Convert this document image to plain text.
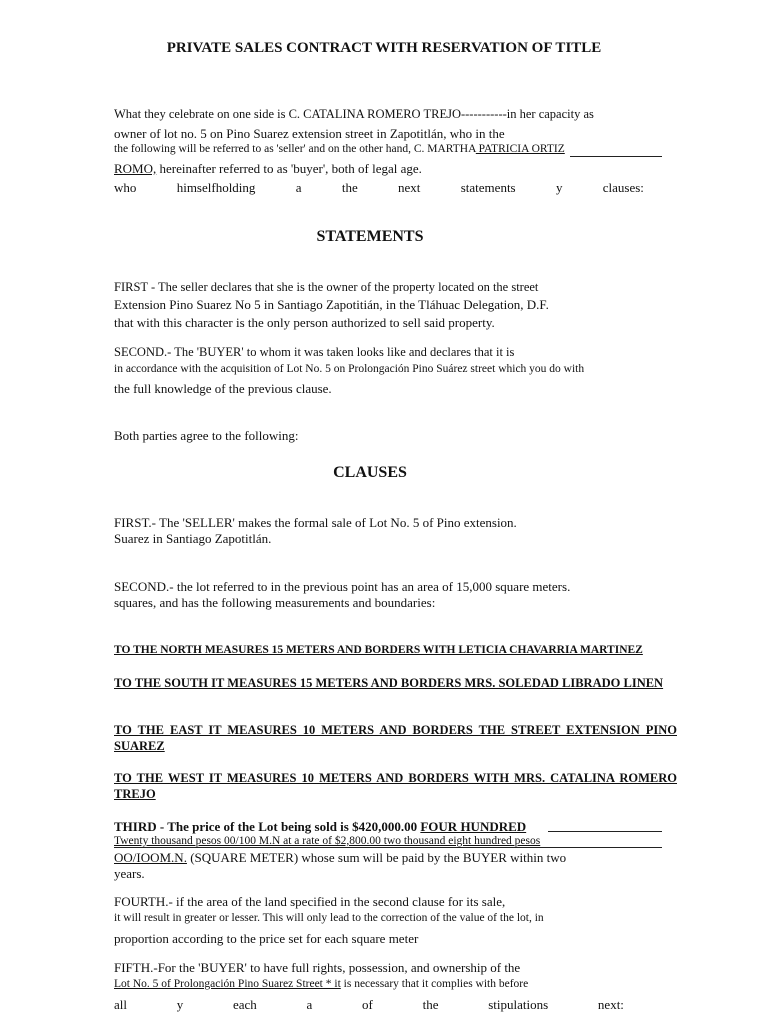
PRIVATE SALES CONTRACT WITH RESERVATION OF TITLE
What they celebrate on one side is C. CATALINA ROMERO TREJO-----------in her capacity as
owner of lot no. 5 on Pino Suarez extension street in Zapotitlán, who in the
the following will be referred to as 'seller' and on the other hand, C. MARTHA PATRICIA ORTIZ
ROMO, hereinafter referred to as 'buyer', both of legal age.
who	himselfholding	a	the	next	statements	y	clauses:
STATEMENTS
FIRST - The seller declares that she is the owner of the property located on the street
Extension Pino Suarez No 5 in Santiago Zapotitián, in the Tláhuac Delegation, D.F.
that with this character is the only person authorized to sell said property.
SECOND.- The 'BUYER' to whom it was taken looks like and declares that it is
in accordance with the acquisition of Lot No. 5 on Prolongación Pino Suárez street which you do with
the full knowledge of the previous clause.
Both parties agree to the following:
CLAUSES
FIRST.- The 'SELLER' makes the formal sale of Lot No. 5 of Pino extension.
Suarez in Santiago Zapotitlán.
SECOND.- the lot referred to in the previous point has an area of 15,000 square meters.
squares, and has the following measurements and boundaries:
TO THE NORTH MEASURES 15 METERS AND BORDERS WITH LETICIA CHAVARRIA MARTINEZ
TO THE SOUTH IT MEASURES 15 METERS AND BORDERS MRS. SOLEDAD LIBRADO LINEN
TO THE EAST IT MEASURES 10 METERS AND BORDERS THE STREET EXTENSION PINO SUAREZ
TO THE WEST IT MEASURES 10 METERS AND BORDERS WITH MRS. CATALINA ROMERO TREJO
THIRD - The price of the Lot being sold is $420,000.00 FOUR HUNDRED
Twenty thousand pesos 00/100 M.N at a rate of $2,800.00 two thousand eight hundred pesos
OO/IOOM.N. (SQUARE METER) whose sum will be paid by the BUYER within two
years.
FOURTH.- if the area of the land specified in the second clause for its sale,
it will result in greater or lesser. This will only lead to the correction of the value of the lot, in
proportion according to the price set for each square meter
FIFTH.-For the 'BUYER' to have full rights, possession, and ownership of the
Lot No. 5 of Prolongación Pino Suarez Street * it is necessary that it complies with before
all	y	each	a	of	the	stipulations	next:
